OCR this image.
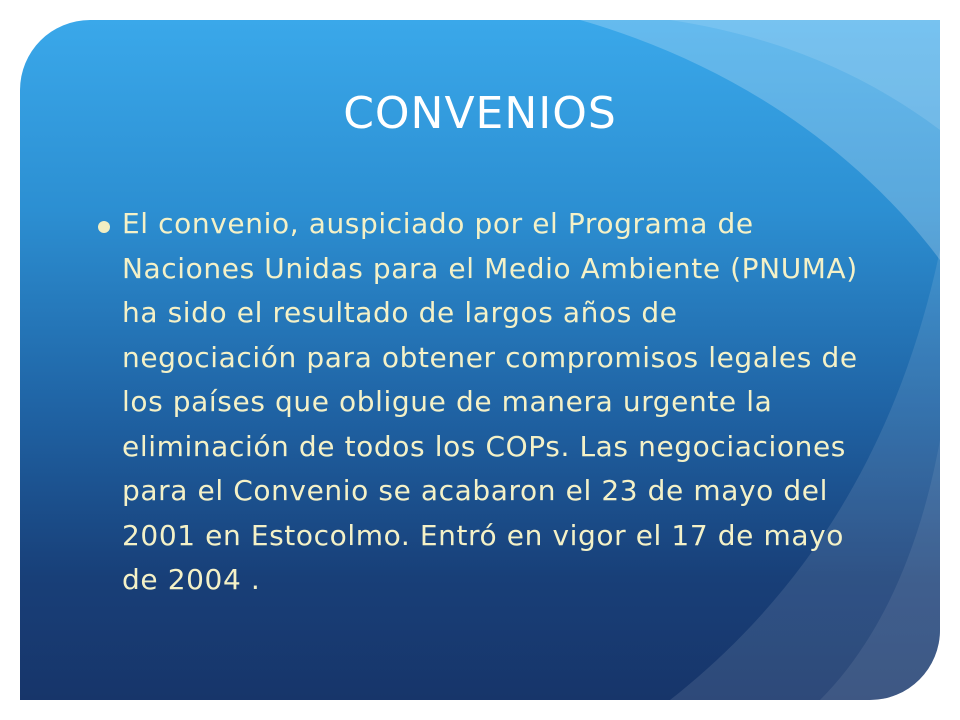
CONVENIOS
El convenio, auspiciado por el Programa de Naciones Unidas para el Medio Ambiente (PNUMA) ha sido el resultado de largos años de negociación para obtener compromisos legales de los países que obligue de manera urgente la eliminación de todos los COPs. Las negociaciones para el Convenio se acabaron el 23 de mayo del 2001 en Estocolmo. Entró en vigor el 17 de mayo de 2004 .
